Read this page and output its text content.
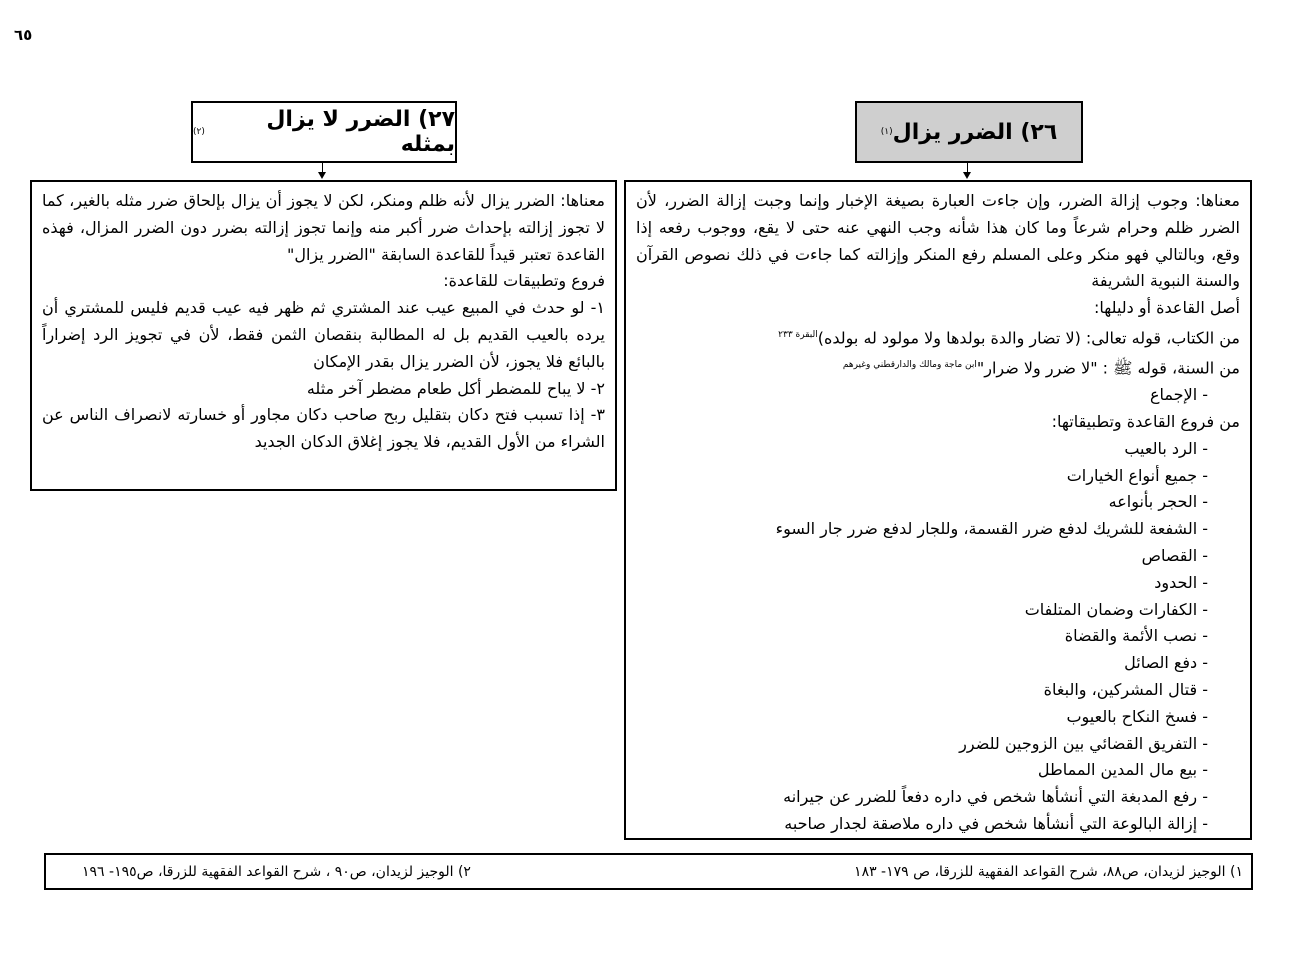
٦٥
٢٦) الضرر يزال
(١)
٢٧) الضرر لا يزال بمثله
(٢)

معناها: وجوب إزالة الضرر، وإن جاءت العبارة بصيغة الإخبار وإنما وجبت إزالة الضرر، لأن الضرر ظلم وحرام شرعاً وما كان هذا شأنه وجب النهي عنه حتى لا يقع، ووجوب رفعه إذا وقع، وبالتالي فهو منكر وعلى المسلم رفع المنكر وإزالته كما جاءت في ذلك نصوص القرآن والسنة النبوية الشريفة

أصل القاعدة أو دليلها:
من الكتاب، قوله تعالى: (لا تضار والدة بولدها ولا مولود له بولده)$^{البقرة ٢٣٣}$
من السنة، قوله ﷺ : "لا ضرر ولا ضرار"$^{ابن ماجة ومالك والدارقطني وغيرهم}$
- الإجماع
من فروع القاعدة وتطبيقاتها:
- الرد بالعيب
- جميع أنواع الخيارات
- الحجر بأنواعه
- الشفعة للشريك لدفع ضرر القسمة، وللجار لدفع ضرر جار السوء
- القصاص
- الحدود
- الكفارات وضمان المتلفات
- نصب الأئمة والقضاة
- دفع الصائل
- قتال المشركين، والبغاة
- فسخ النكاح بالعيوب
- التفريق القضائي بين الزوجين للضرر
- بيع مال المدين المماطل
- رفع المدبغة التي أنشأها شخص في داره دفعاً للضرر عن جيرانه
- إزالة البالوعة التي أنشأها شخص في داره ملاصقة لجدار صاحبه

معناها: الضرر يزال لأنه ظلم ومنكر، لكن لا يجوز أن يزال بإلحاق ضرر مثله بالغير، كما لا تجوز إزالته بإحداث ضرر أكبر منه وإنما تجوز إزالته بضرر دون الضرر المزال، فهذه القاعدة تعتبر قيداً للقاعدة السابقة "الضرر يزال"

فروع وتطبيقات للقاعدة:

١- لو حدث في المبيع عيب عند المشتري ثم ظهر فيه عيب قديم فليس للمشتري أن يرده بالعيب القديم بل له المطالبة بنقصان الثمن فقط، لأن في تجويز الرد إضراراً بالبائع فلا يجوز، لأن الضرر يزال بقدر الإمكان

٢- لا يباح للمضطر أكل طعام مضطر آخر مثله

٣- إذا تسبب فتح دكان بتقليل ربح صاحب دكان مجاور أو خسارته لانصراف الناس عن الشراء من الأول القديم، فلا يجوز إغلاق الدكان الجديد

١) الوجيز لزيدان، ص٨٨، شرح القواعد الفقهية للزرقا، ص ١٧٩- ١٨٣
٢) الوجيز لزيدان، ص٩٠ ، شرح القواعد الفقهية للزرقا، ص١٩٥- ١٩٦
